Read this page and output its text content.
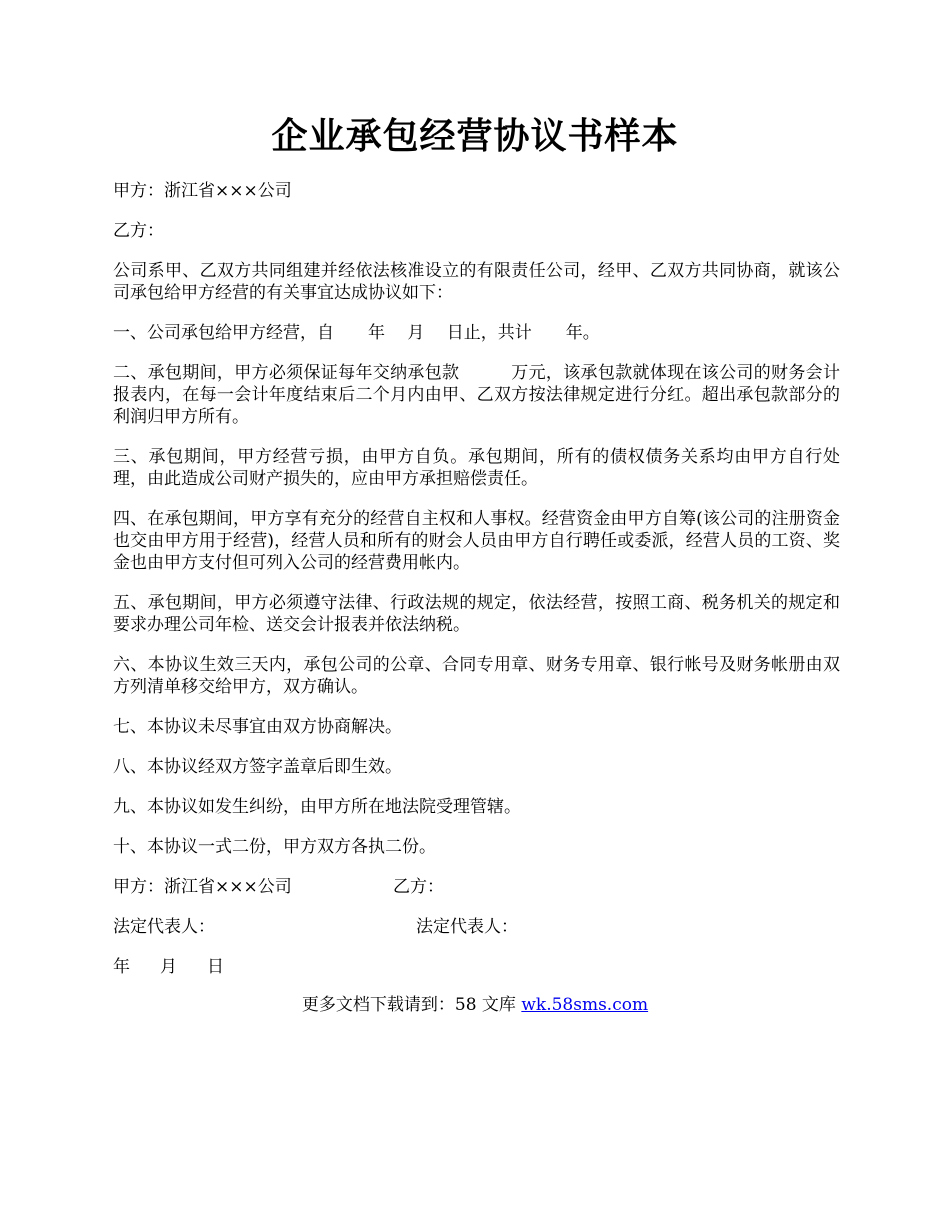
企业承包经营协议书样本

甲方：浙江省×××公司

乙方：

公司系甲、乙双方共同组建并经依法核准设立的有限责任公司，经甲、乙双方共同协商，就该公司承包给甲方经营的有关事宜达成协议如下：

一、公司承包给甲方经营，自　　年　 月　 日止，共计　　年。

二、承包期间，甲方必须保证每年交纳承包款　　　万元，该承包款就体现在该公司的财务会计报表内，在每一会计年度结束后二个月内由甲、乙双方按法律规定进行分红。超出承包款部分的利润归甲方所有。

三、承包期间，甲方经营亏损，由甲方自负。承包期间，所有的债权债务关系均由甲方自行处理，由此造成公司财产损失的，应由甲方承担赔偿责任。

四、在承包期间，甲方享有充分的经营自主权和人事权。经营资金由甲方自筹(该公司的注册资金也交由甲方用于经营)，经营人员和所有的财会人员由甲方自行聘任或委派，经营人员的工资、奖金也由甲方支付但可列入公司的经营费用帐内。

五、承包期间，甲方必须遵守法律、行政法规的规定，依法经营，按照工商、税务机关的规定和要求办理公司年检、送交会计报表并依法纳税。

六、本协议生效三天内，承包公司的公章、合同专用章、财务专用章、银行帐号及财务帐册由双方列清单移交给甲方，双方确认。

七、本协议未尽事宜由双方协商解决。

八、本协议经双方签字盖章后即生效。

九、本协议如发生纠纷，由甲方所在地法院受理管辖。

十、本协议一式二份，甲方双方各执二份。

甲方：浙江省×××公司	乙方：
法定代表人：	法定代表人：
年 月 日
更多文档下载请到：58 文库 wk.58sms.com
